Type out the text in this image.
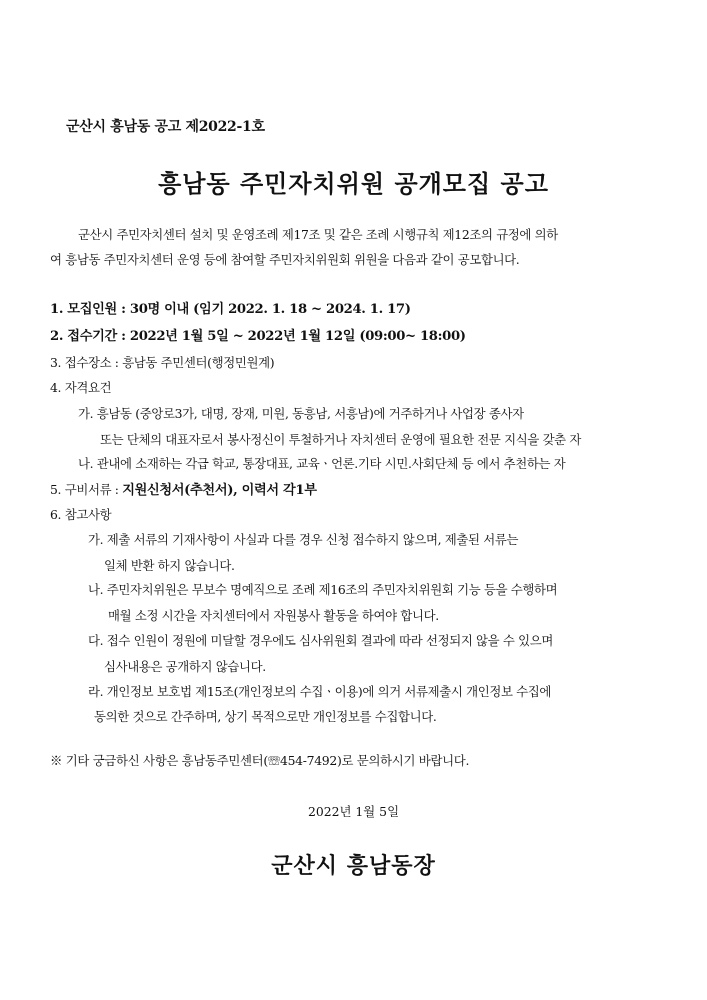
군산시 흥남동 공고 제2022-1호
흥남동 주민자치위원 공개모집 공고
군산시 주민자치센터 설치 및 운영조례 제17조 및 같은 조례 시행규칙 제12조의 규정에 의하
여 흥남동 주민자치센터 운영 등에 참여할 주민자치위원회 위원을 다음과 같이 공모합니다.
1. 모집인원 : 30명 이내 (임기 2022. 1. 18 ~ 2024. 1. 17)
2. 접수기간 : 2022년 1월 5일 ~ 2022년 1월 12일 (09:00~ 18:00)
3. 접수장소 : 흥남동 주민센터(행정민원계)
4. 자격요건
가. 흥남동 (중앙로3가, 대명, 장재, 미원, 동흥남, 서흥남)에 거주하거나 사업장 종사자
또는 단체의 대표자로서 봉사정신이 투철하거나 자치센터 운영에 필요한 전문 지식을 갖춘 자
나. 관내에 소재하는 각급 학교, 통장대표, 교육ㆍ언론.기타 시민.사회단체 등 에서 추천하는 자
5. 구비서류 : 지원신청서(추천서), 이력서 각1부
6. 참고사항
가. 제출 서류의 기재사항이 사실과 다를 경우 신청 접수하지 않으며, 제출된 서류는
일체 반환 하지 않습니다.
나. 주민자치위원은 무보수 명예직으로 조례 제16조의 주민자치위원회 기능 등을 수행하며
매월 소정 시간을 자치센터에서 자원봉사 활동을 하여야 합니다.
다. 접수 인원이 정원에 미달할 경우에도 심사위원회 결과에 따라 선정되지 않을 수 있으며
심사내용은 공개하지 않습니다.
라. 개인정보 보호법 제15조(개인정보의 수집ㆍ이용)에 의거 서류제출시 개인정보 수집에
동의한 것으로 간주하며, 상기 목적으로만 개인정보를 수집합니다.
※ 기타 궁금하신 사항은 흥남동주민센터(☏454-7492)로 문의하시기 바랍니다.
2022년 1월 5일
군산시 흥남동장
